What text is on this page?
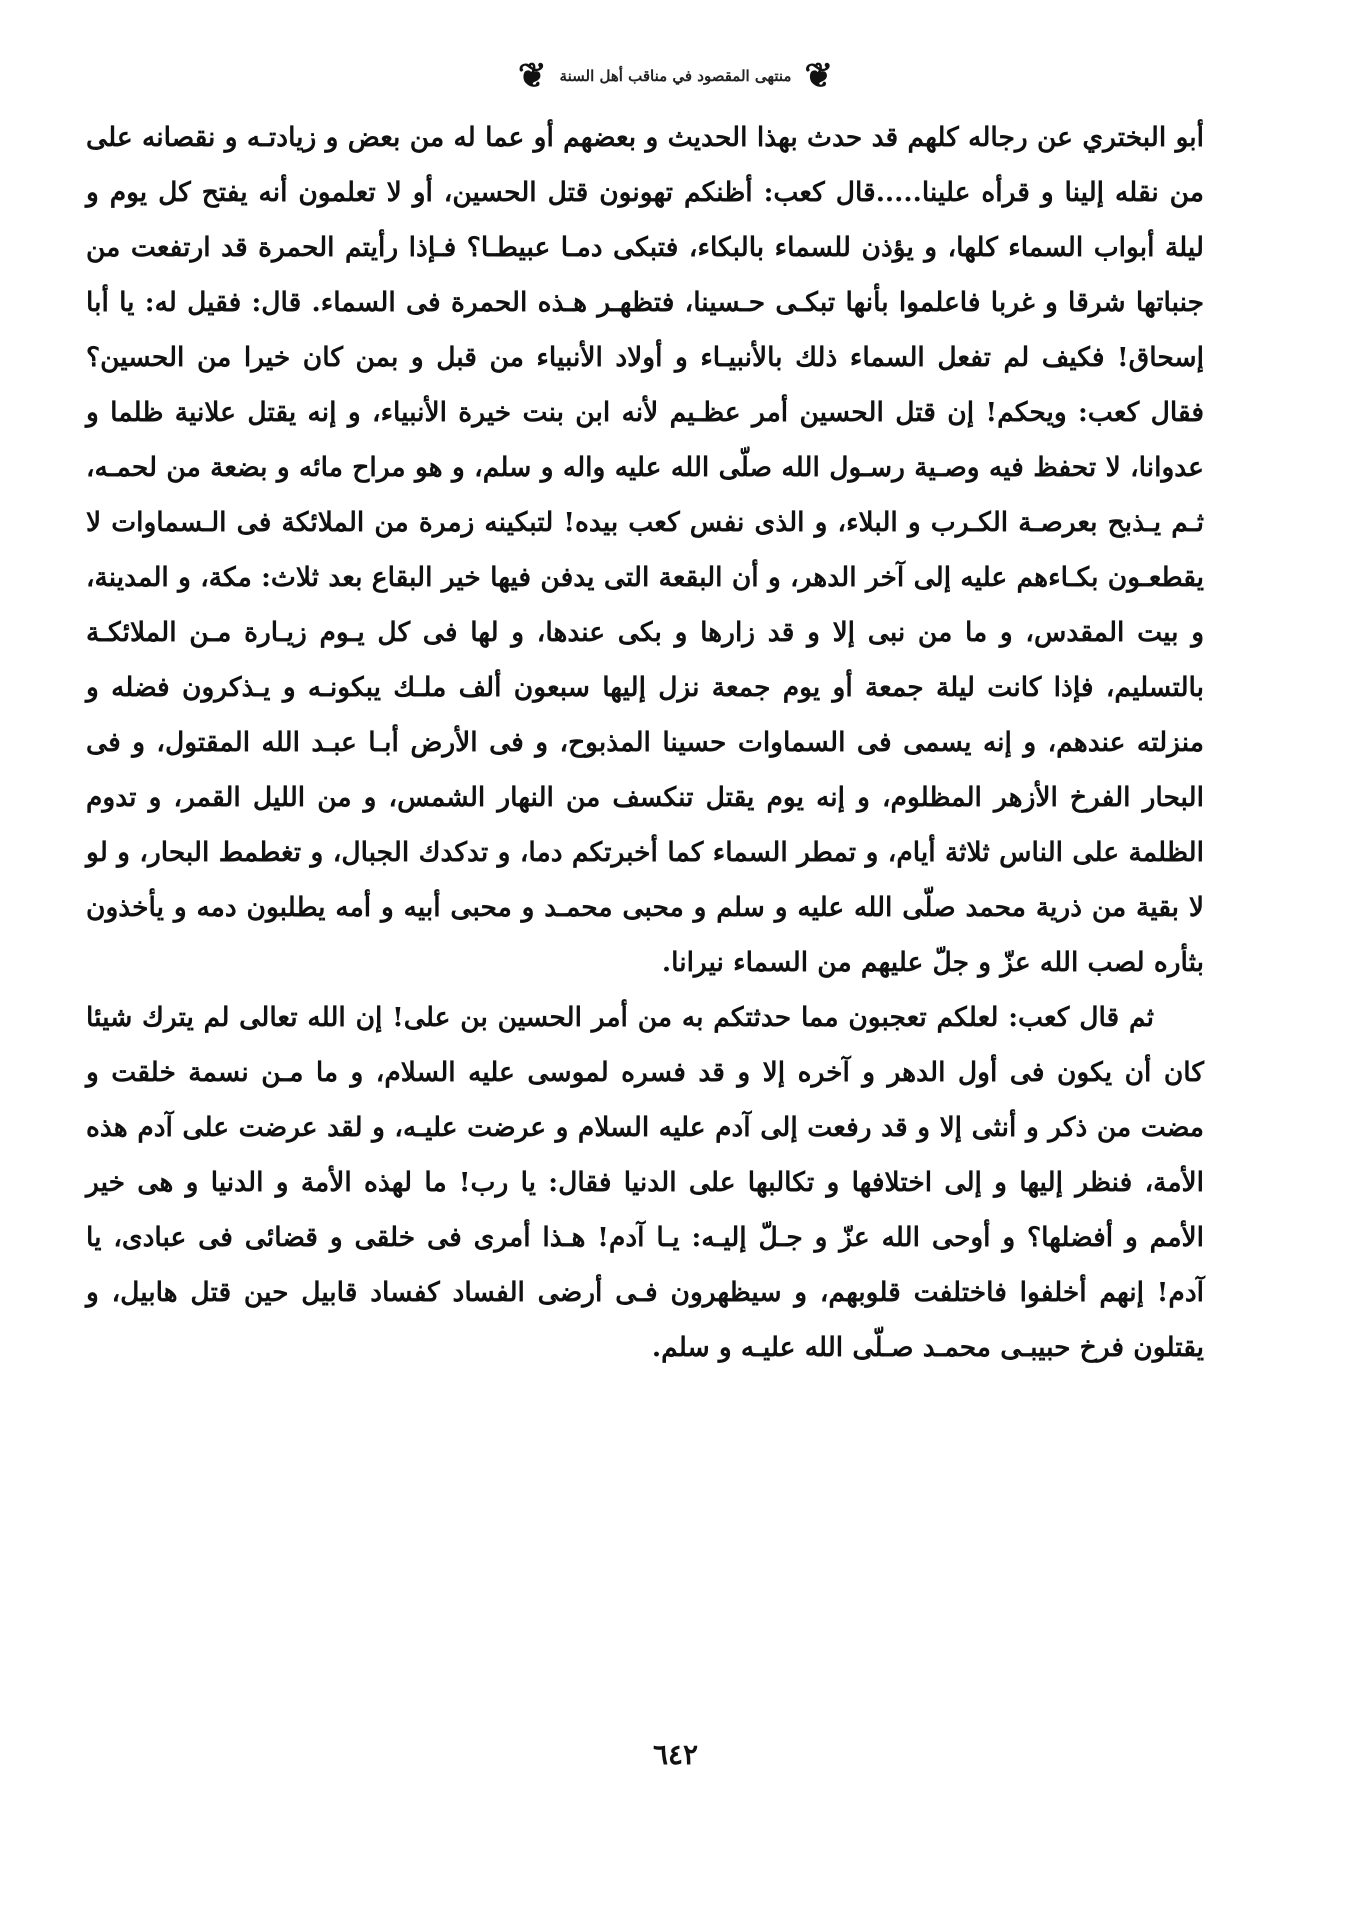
❦ منتهى المقصود في مناقب أهل السنة ❦

أبو البختري عن رجاله كلهم قد حدث بهذا الحديث و بعضهم أو عما له من بعض و زيادتـه و نقصانه على من نقله إلينا و قرأه علينا.....قال كعب: أظنكم تهونون قتل الحسين، أو لا تعلمون أنه يفتح كل يوم و ليلة أبواب السماء كلها، و يؤذن للسماء بالبكاء، فتبكى دمـا عبيطـا؟ فـإذا رأيتم الحمرة قد ارتفعت من جنباتها شرقا و غربا فاعلموا بأنها تبكـى حـسينا، فتظهـر هـذه الحمرة فى السماء. قال: فقيل له: يا أبا إسحاق! فكيف لم تفعل السماء ذلك بالأنبيـاء و أولاد الأنبياء من قبل و بمن كان خيرا من الحسين؟ فقال كعب: ويحكم! إن قتل الحسين أمر عظـيم لأنه ابن بنت خيرة الأنبياء، و إنه يقتل علانية ظلما و عدوانا، لا تحفظ فيه وصـية رسـول الله صلّى الله عليه واله و سلم، و هو مراح مائه و بضعة من لحمـه، ثـم يـذبح بعرصـة الكـرب و البلاء، و الذى نفس كعب بيده! لتبكينه زمرة من الملائكة فى الـسماوات لا يقطعـون بكـاءهم عليه إلى آخر الدهر، و أن البقعة التى يدفن فيها خير البقاع بعد ثلاث: مكة، و المدينة، و بيت المقدس، و ما من نبى إلا و قد زارها و بكى عندها، و لها فى كل يـوم زيـارة مـن الملائكـة بالتسليم، فإذا كانت ليلة جمعة أو يوم جمعة نزل إليها سبعون ألف ملـك يبكونـه و يـذكرون فضله و منزلته عندهم، و إنه يسمى فى السماوات حسينا المذبوح، و فى الأرض أبـا عبـد الله المقتول، و فى البحار الفرخ الأزهر المظلوم، و إنه يوم يقتل تنكسف من النهار الشمس، و من الليل القمر، و تدوم الظلمة على الناس ثلاثة أيام، و تمطر السماء كما أخبرتكم دما، و تدكدك الجبال، و تغطمط البحار، و لو لا بقية من ذرية محمد صلّى الله عليه و سلم و محبى محمـد و محبى أبيه و أمه يطلبون دمه و يأخذون بثأره لصب الله عزّ و جلّ عليهم من السماء نيرانا.

ثم قال كعب: لعلكم تعجبون مما حدثتكم به من أمر الحسين بن على! إن الله تعالى لم يترك شيئا كان أن يكون فى أول الدهر و آخره إلا و قد فسره لموسى عليه السلام، و ما مـن نسمة خلقت و مضت من ذكر و أنثى إلا و قد رفعت إلى آدم عليه السلام و عرضت عليـه، و لقد عرضت على آدم هذه الأمة، فنظر إليها و إلى اختلافها و تكالبها على الدنيا فقال: يا رب! ما لهذه الأمة و الدنيا و هى خير الأمم و أفضلها؟ و أوحى الله عزّ و جـلّ إليـه: يـا آدم! هـذا أمرى فى خلقى و قضائى فى عبادى، يا آدم! إنهم أخلفوا فاختلفت قلوبهم، و سيظهرون فـى أرضى الفساد كفساد قابيل حين قتل هابيل، و يقتلون فرخ حبيبـى محمـد صـلّى الله عليـه و سلم.

٦٤٢
